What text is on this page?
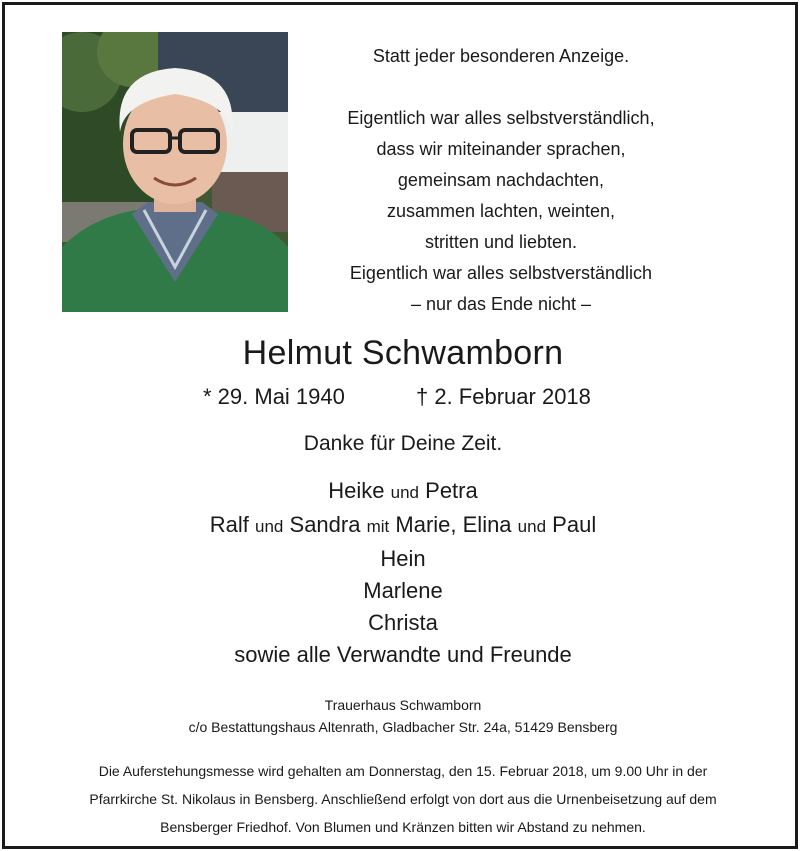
Statt jeder besonderen Anzeige.
Eigentlich war alles selbstverständlich,
dass wir miteinander sprachen,
gemeinsam nachdachten,
zusammen lachten, weinten,
stritten und liebten.
Eigentlich war alles selbstverständlich
– nur das Ende nicht –
Helmut Schwamborn
* 29. Mai 1940	† 2. Februar 2018
Danke für Deine Zeit.
Heike und Petra
Ralf und Sandra mit Marie, Elina und Paul
Hein
Marlene
Christa
sowie alle Verwandte und Freunde
Trauerhaus Schwamborn
c/o Bestattungshaus Altenrath, Gladbacher Str. 24a, 51429 Bensberg
Die Auferstehungsmesse wird gehalten am Donnerstag, den 15. Februar 2018, um 9.00 Uhr in der
Pfarrkirche St. Nikolaus in Bensberg. Anschließend erfolgt von dort aus die Urnenbeisetzung auf dem
Bensberger Friedhof. Von Blumen und Kränzen bitten wir Abstand zu nehmen.
